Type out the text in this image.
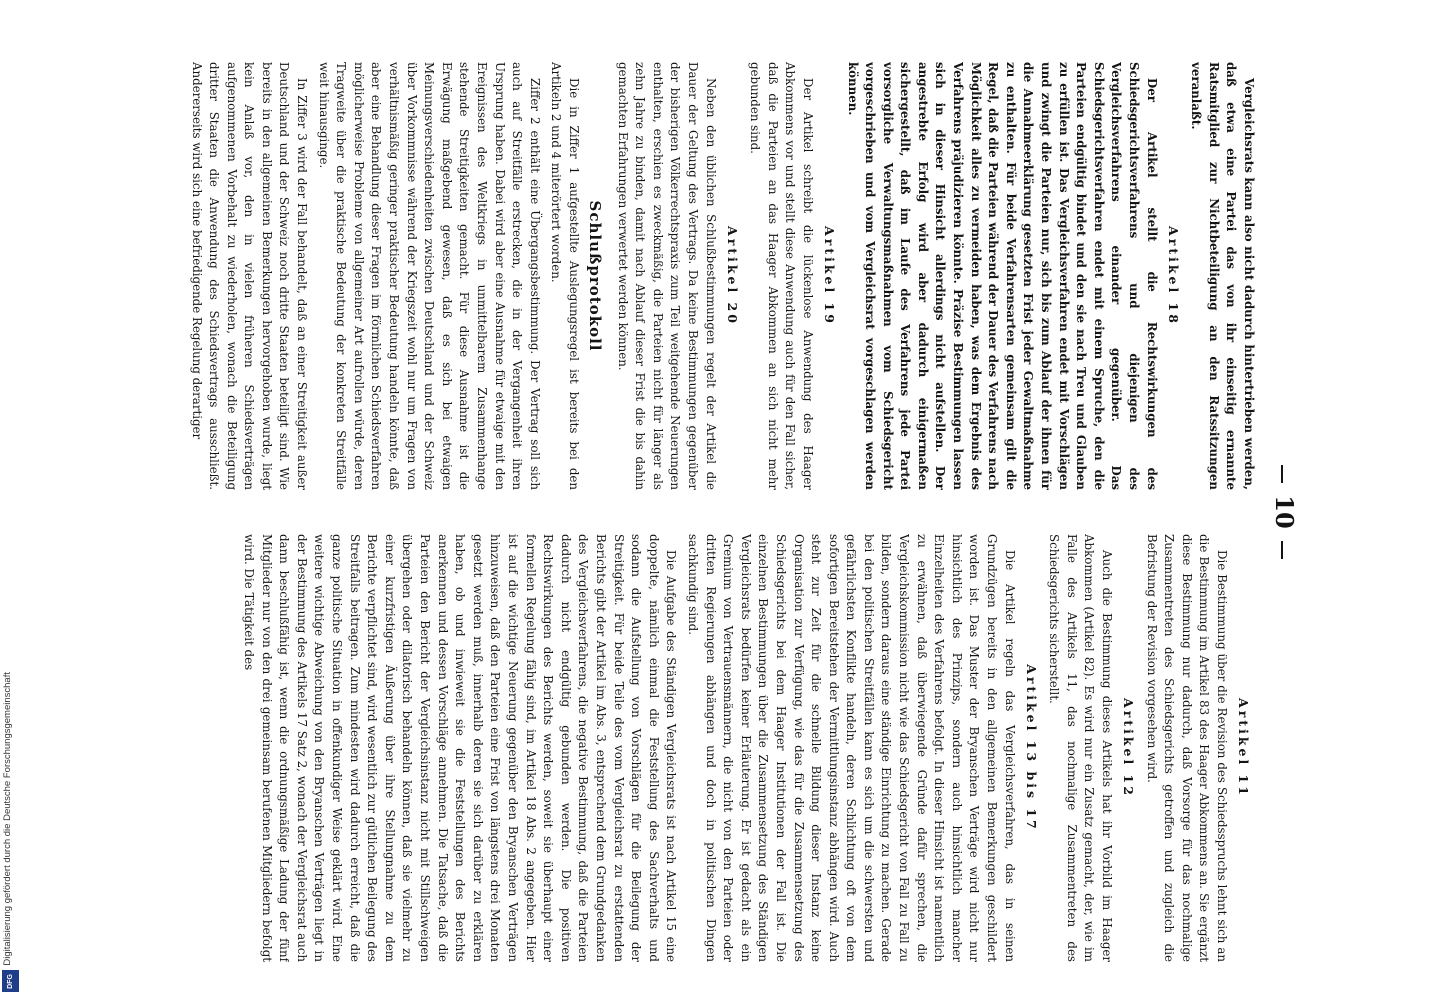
Digitalisierung gefördert durch die Deutsche Forschungsgemeinschaft
DFG
10

Vergleichsrats kann also nicht dadurch hintertrieben werden, daß etwa eine Partei das von ihr einseitig ernannte Ratsmitglied zur Nichtbeteiligung an den Ratssitzungen veranlaßt.

Artikel 18

Der Artikel stellt die Rechtswirkungen des Schiedsgerichtsverfahrens und diejenigen des Vergleichsverfahrens einander gegenüber. Das Schiedsgerichtsverfahren endet mit einem Spruche, den die Parteien endgültig bindet und den sie nach Treu und Glauben zu erfüllen ist. Das Vergleichsverfahren endet mit Vorschlägen und zwingt die Parteien nur, sich bis zum Ablauf der ihnen für die Annahmeerklärung gesetzten Frist jeder Gewaltmaßnahme zu enthalten. Für beide Verfahrensarten gemeinsam gilt die Regel, daß die Parteien während der Dauer des Verfahrens nach Möglichkeit alles zu vermeiden haben, was dem Ergebnis des Verfahrens präjudizieren könnte. Präzise Bestimmungen lassen sich in dieser Hinsicht allerdings nicht aufstellen. Der angestrebte Erfolg wird aber dadurch einigermaßen sichergestellt, daß im Laufe des Verfahrens jede Partei vorsorgliche Verwaltungsmaßnahmen vom Schiedsgericht vorgeschrieben und vom Vergleichsrat vorgeschlagen werden können.

Artikel 19

Der Artikel schreibt die lückenlose Anwendung des Haager Abkommens vor und stellt diese Anwendung auch für den Fall sicher, daß die Parteien an das Haager Abkommen an sich nicht mehr gebunden sind.

Artikel 20

Neben den üblichen Schlußbestimmungen regelt der Artikel die Dauer der Geltung des Vertrags. Da keine Bestimmungen gegenüber der bisherigen Völkerrechtspraxis zum Teil weitgehende Neuerungen enthalten, erschien es zweckmäßig, die Parteien nicht für länger als zehn Jahre zu binden, damit nach Ablauf dieser Frist die bis dahin gemachten Erfahrungen verwertet werden können.

Schlußprotokoll

Die in Ziffer 1 aufgestellte Auslegungsregel ist bereits bei den Artikeln 2 und 4 miterörtert worden.

Ziffer 2 enthält eine Übergangsbestimmung. Der Vertrag soll sich auch auf Streitfälle erstrecken, die in der Vergangenheit ihren Ursprung haben. Dabei wird aber eine Ausnahme für etwaige mit den Ereignissen des Weltkriegs in unmittelbarem Zusammenhange stehende Streitigkeiten gemacht. Für diese Ausnahme ist die Erwägung maßgebend gewesen, daß es sich bei etwaigen Meinungsverschiedenheiten zwischen Deutschland und der Schweiz über Vorkommnisse während der Kriegszeit wohl nur um Fragen von verhältnismäßig geringer praktischer Bedeutung handeln könnte, daß aber eine Behandlung dieser Fragen im förmlichen Schiedsverfahren möglicherweise Probleme von allgemeiner Art aufrollen würde, deren Tragweite über die praktische Bedeutung der konkreten Streitfälle weit hinausginge.

In Ziffer 3 wird der Fall behandelt, daß an einer Streitigkeit außer Deutschland und der Schweiz noch dritte Staaten beteiligt sind. Wie bereits in den allgemeinen Bemerkungen hervorgehoben wurde, liegt kein Anlaß vor, den in vielen früheren Schiedsverträgen aufgenommenen Vorbehalt zu wiederholen, wonach die Beteiligung dritter Staaten die Anwendung des Schiedsvertrags ausschließt. Andererseits wird sich eine befriedigende Regelung derartiger

Artikel 11

Die Bestimmung über die Revision des Schiedsspruchs lehnt sich an die Bestimmung im Artikel 83 des Haager Abkommens an. Sie ergänzt diese Bestimmung nur dadurch, daß Vorsorge für das nochmalige Zusammentreten des Schiedsgerichts getroffen und zugleich die Befristung der Revision vorgesehen wird.

Artikel 12

Auch die Bestimmung dieses Artikels hat ihr Vorbild im Haager Abkommen (Artikel 82). Es wird nur ein Zusatz gemacht, der, wie im Falle des Artikels 11, das nochmalige Zusammentreten des Schiedsgerichts sicherstellt.

Artikel 13 bis 17

Die Artikel regeln das Vergleichsverfahren, das in seinen Grundzügen bereits in den allgemeinen Bemerkungen geschildert worden ist. Das Muster der Bryanschen Verträge wird nicht nur hinsichtlich des Prinzips, sondern auch hinsichtlich mancher Einzelheiten des Verfahrens befolgt. In dieser Hinsicht ist namentlich zu erwähnen, daß überwiegende Gründe dafür sprechen, die Vergleichskommission nicht wie das Schiedsgericht von Fall zu Fall zu bilden, sondern daraus eine ständige Einrichtung zu machen. Gerade bei den politischen Streitfällen kann es sich um die schwersten und gefährlichsten Konflikte handeln, deren Schlichtung oft von dem sofortigen Bereitstehen der Vermittlungsinstanz abhängen wird. Auch steht zur Zeit für die schnelle Bildung dieser Instanz keine Organisation zur Verfügung, wie das für die Zusammensetzung des Schiedsgerichts bei dem Haager Institutionen der Fall ist. Die einzelnen Bestimmungen über die Zusammensetzung des Ständigen Vergleichsrats bedürfen keiner Erläuterung. Er ist gedacht als ein Gremium von Vertrauensmännern, die nicht von den Parteien oder dritten Regierungen abhängen und doch in politischen Dingen sachkundig sind.

Die Aufgabe des Ständigen Vergleichsrats ist nach Artikel 15 eine doppelte, nämlich einmal die Feststellung des Sachverhalts und sodann die Aufstellung von Vorschlägen für die Beilegung der Streitigkeit. Für beide Teile des vom Vergleichsrat zu erstattenden Berichts gibt der Artikel im Abs. 3, entsprechend dem Grundgedanken des Vergleichsverfahrens, die negative Bestimmung, daß die Parteien dadurch nicht endgültig gebunden werden. Die positiven Rechtswirkungen des Berichts werden, soweit sie überhaupt einer formellen Regelung fähig sind, im Artikel 18 Abs. 2 angegeben. Hier ist auf die wichtige Neuerung gegenüber den Bryanschen Verträgen hinzuweisen, daß den Parteien eine Frist von längstens drei Monaten gesetzt werden muß, innerhalb deren sie sich darüber zu erklären haben, ob und inwieweit sie die Feststellungen des Berichts anerkennen und dessen Vorschläge annehmen. Die Tatsache, daß die Parteien den Bericht der Vergleichsinstanz nicht mit Stillschweigen übergehen oder dilatorisch behandeln können, daß sie vielmehr zu einer kurzfristigen Äußerung über ihre Stellungnahme zu dem Berichte verpflichtet sind, wird wesentlich zur gütlichen Beilegung des Streitfalls beitragen. Zum mindesten wird dadurch erreicht, daß die ganze politische Situation in offenkundiger Weise geklärt wird. Eine weitere wichtige Abweichung von den Bryanschen Verträgen liegt in der Bestimmung des Artikels 17 Satz 2, wonach der Vergleichsrat auch dann beschlußfähig ist, wenn die ordnungsmäßige Ladung der fünf Mitglieder nur von den drei gemeinsam berufenen Mitgliedern befolgt wird. Die Tätigkeit des
